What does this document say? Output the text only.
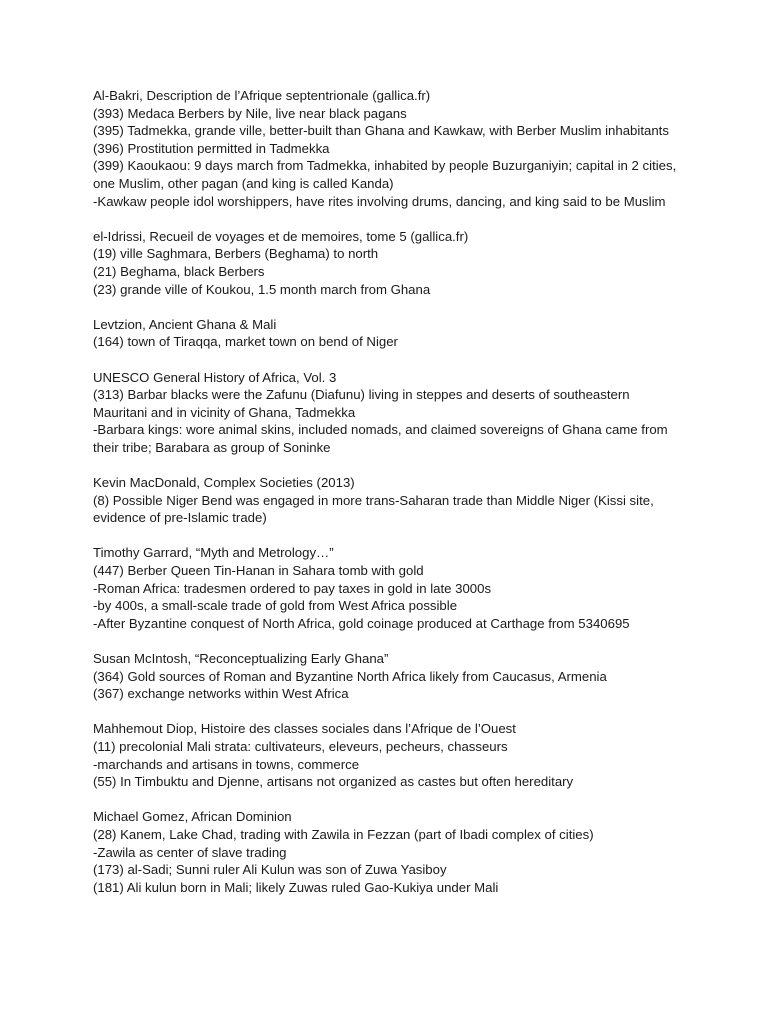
Al-Bakri, Description de l’Afrique septentrionale (gallica.fr)
(393) Medaca Berbers by Nile, live near black pagans
(395) Tadmekka, grande ville, better-built than Ghana and Kawkaw, with Berber Muslim inhabitants
(396) Prostitution permitted in Tadmekka
(399) Kaoukaou: 9 days march from Tadmekka, inhabited by people Buzurganiyin; capital in 2 cities, one Muslim, other pagan (and king is called Kanda)
-Kawkaw people idol worshippers, have rites involving drums, dancing, and king said to be Muslim
el-Idrissi, Recueil de voyages et de memoires, tome 5 (gallica.fr)
(19) ville Saghmara, Berbers (Beghama) to north
(21) Beghama, black Berbers
(23) grande ville of Koukou, 1.5 month march from Ghana
Levtzion, Ancient Ghana & Mali
(164) town of Tiraqqa, market town on bend of Niger
UNESCO General History of Africa, Vol. 3
(313) Barbar blacks were the Zafunu (Diafunu) living in steppes and deserts of southeastern Mauritani and in vicinity of Ghana, Tadmekka
-Barbara kings: wore animal skins, included nomads, and claimed sovereigns of Ghana came from their tribe; Barabara as group of Soninke
Kevin MacDonald, Complex Societies (2013)
(8) Possible Niger Bend was engaged in more trans-Saharan trade than Middle Niger (Kissi site, evidence of pre-Islamic trade)
Timothy Garrard, “Myth and Metrology…”
(447) Berber Queen Tin-Hanan in Sahara tomb with gold
-Roman Africa: tradesmen ordered to pay taxes in gold in late 3000s
-by 400s, a small-scale trade of gold from West Africa possible
-After Byzantine conquest of North Africa, gold coinage produced at Carthage from 5340695
Susan McIntosh, “Reconceptualizing Early Ghana”
(364) Gold sources of Roman and Byzantine North Africa likely from Caucasus, Armenia
(367) exchange networks within West Africa
Mahhemout Diop, Histoire des classes sociales dans l’Afrique de l’Ouest
(11) precolonial Mali strata: cultivateurs, eleveurs, pecheurs, chasseurs
-marchands and artisans in towns, commerce
(55) In Timbuktu and Djenne, artisans not organized as castes but often hereditary
Michael Gomez, African Dominion
(28) Kanem, Lake Chad, trading with Zawila in Fezzan (part of Ibadi complex of cities)
-Zawila as center of slave trading
(173) al-Sadi; Sunni ruler Ali Kulun was son of Zuwa Yasiboy
(181) Ali kulun born in Mali; likely Zuwas ruled Gao-Kukiya under Mali
